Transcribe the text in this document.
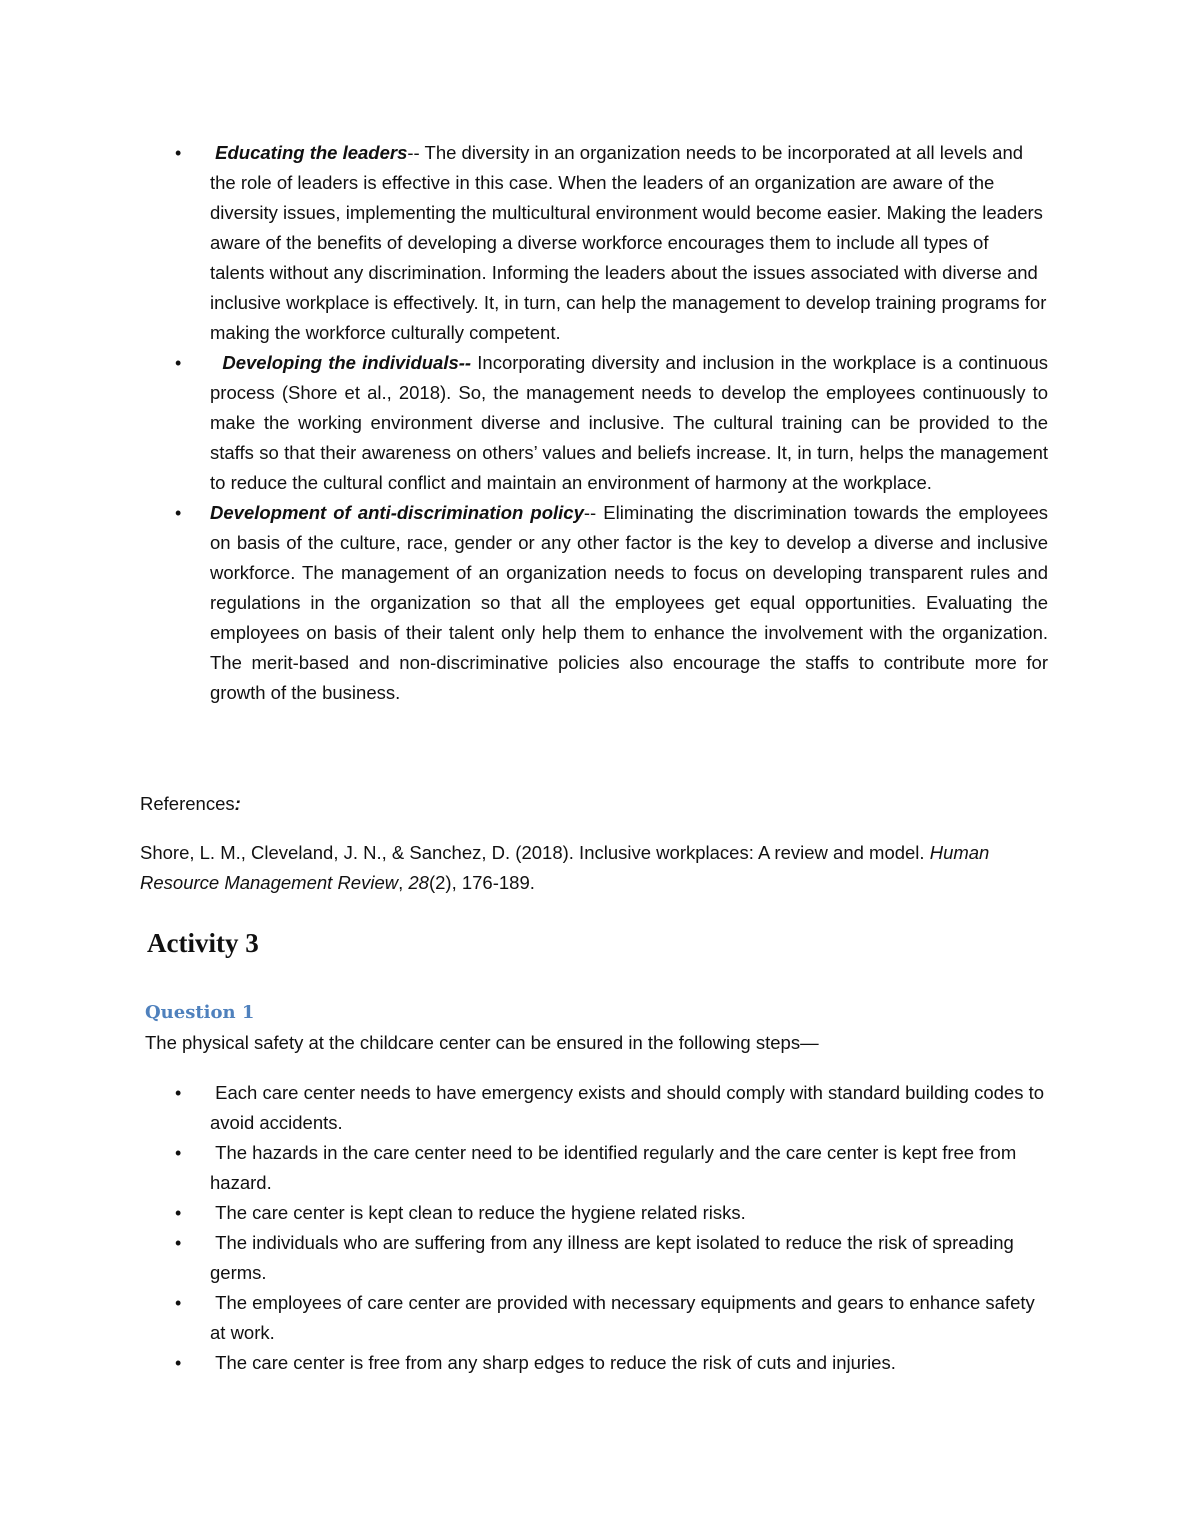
• Educating the leaders-- The diversity in an organization needs to be incorporated at all levels and the role of leaders is effective in this case. When the leaders of an organization are aware of the diversity issues, implementing the multicultural environment would become easier. Making the leaders aware of the benefits of developing a diverse workforce encourages them to include all types of talents without any discrimination. Informing the leaders about the issues associated with diverse and inclusive workplace is effectively. It, in turn, can help the management to develop training programs for making the workforce culturally competent.
• Developing the individuals-- Incorporating diversity and inclusion in the workplace is a continuous process (Shore et al., 2018). So, the management needs to develop the employees continuously to make the working environment diverse and inclusive. The cultural training can be provided to the staffs so that their awareness on others’ values and beliefs increase. It, in turn, helps the management to reduce the cultural conflict and maintain an environment of harmony at the workplace.
• Development of anti-discrimination policy-- Eliminating the discrimination towards the employees on basis of the culture, race, gender or any other factor is the key to develop a diverse and inclusive workforce. The management of an organization needs to focus on developing transparent rules and regulations in the organization so that all the employees get equal opportunities. Evaluating the employees on basis of their talent only help them to enhance the involvement with the organization. The merit-based and non-discriminative policies also encourage the staffs to contribute more for growth of the business.
References:
Shore, L. M., Cleveland, J. N., & Sanchez, D. (2018). Inclusive workplaces: A review and model. Human Resource Management Review, 28(2), 176-189.
Activity 3
Question 1
The physical safety at the childcare center can be ensured in the following steps—
• Each care center needs to have emergency exists and should comply with standard building codes to avoid accidents.
• The hazards in the care center need to be identified regularly and the care center is kept free from hazard.
• The care center is kept clean to reduce the hygiene related risks.
• The individuals who are suffering from any illness are kept isolated to reduce the risk of spreading germs.
• The employees of care center are provided with necessary equipments and gears to enhance safety at work.
• The care center is free from any sharp edges to reduce the risk of cuts and injuries.
